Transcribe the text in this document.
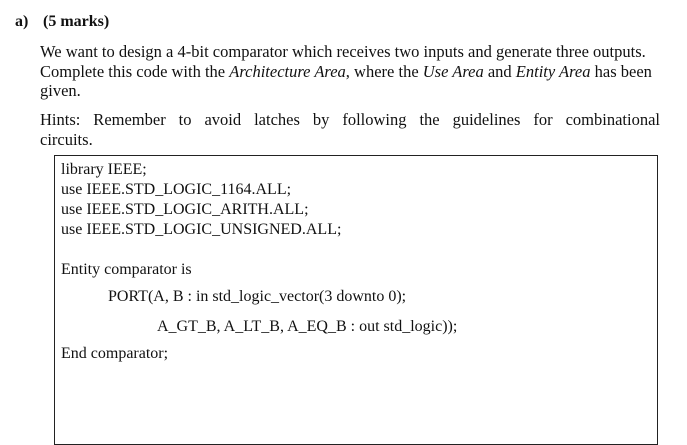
a) (5 marks)
We want to design a 4-bit comparator which receives two inputs and generate three outputs. Complete this code with the Architecture Area, where the Use Area and Entity Area has been given.
Hints: Remember to avoid latches by following the guidelines for combinational
circuits.
library IEEE;
use IEEE.STD_LOGIC_1164.ALL;
use IEEE.STD_LOGIC_ARITH.ALL;
use IEEE.STD_LOGIC_UNSIGNED.ALL;
Entity comparator is
PORT(A, B : in std_logic_vector(3 downto 0);
A_GT_B, A_LT_B, A_EQ_B : out std_logic));
End comparator;
